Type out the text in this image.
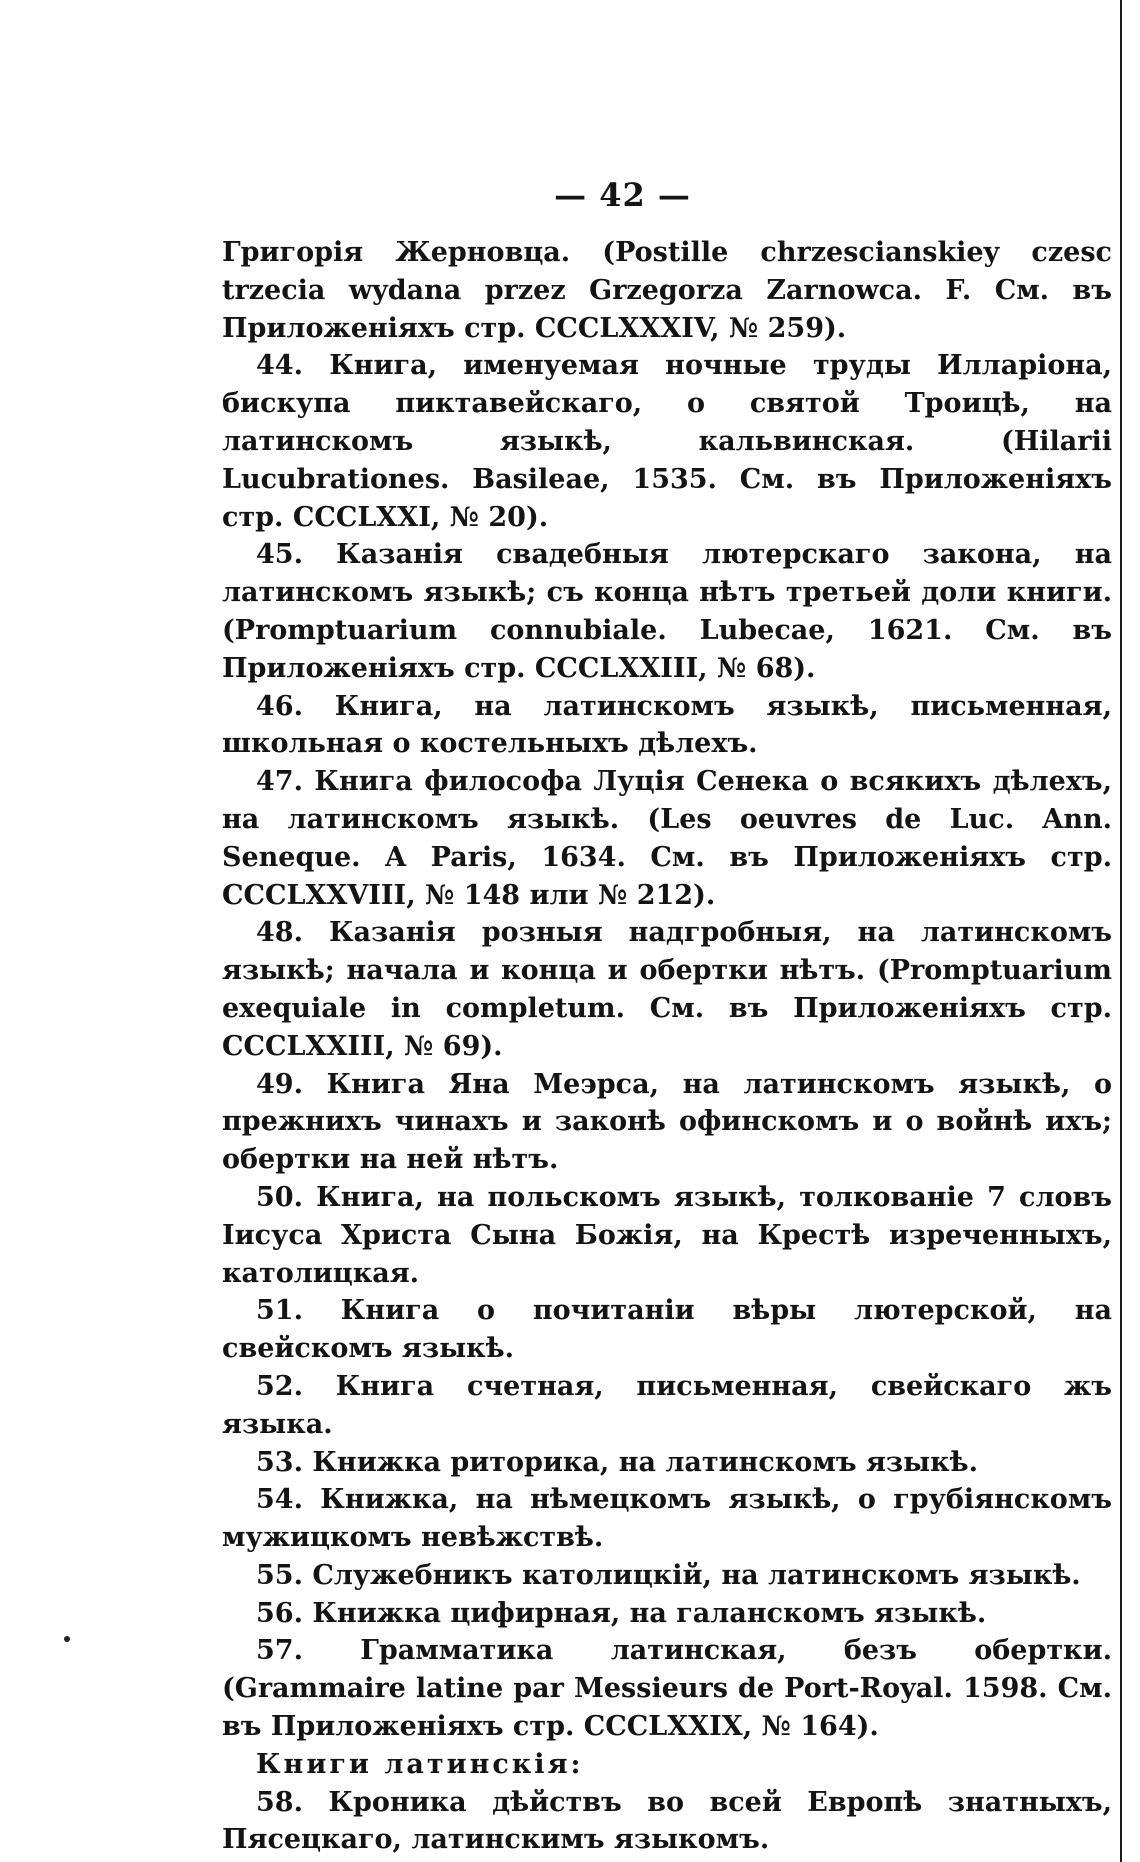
— 42 —

Григорія Жерновца. (Postille chrzescianskiey czesc trzecia wydana przez Grzegorza Zarnowca. F. См. въ Приложеніяхъ стр. CCCLXXXIV, № 259).

44. Книга, именуемая ночные труды Илларіона, бискупа пиктавейскаго, о святой Троицѣ, на латинскомъ языкѣ, кальвинская. (Hilarii Lucubrationes. Basileae, 1535. См. въ Приложеніяхъ стр. CCCLXXI, № 20).

45. Казанія свадебныя лютерскаго закона, на латинскомъ языкѣ; съ конца нѣтъ третьей доли книги. (Promptuarium connubiale. Lubecae, 1621. См. въ Приложеніяхъ стр. CCCLXXIII, № 68).

46. Книга, на латинскомъ языкѣ, письменная, школьная о костельныхъ дѣлехъ.

47. Книга философа Луція Сенека о всякихъ дѣлехъ, на латинскомъ языкѣ. (Les oeuvres de Luc. Ann. Seneque. A Paris, 1634. См. въ Приложеніяхъ стр. CCCLXXVIII, № 148 или № 212).

48. Казанія розныя надгробныя, на латинскомъ языкѣ; начала и конца и обертки нѣтъ. (Promptuarium exequiale in completum. См. въ Приложеніяхъ стр. CCCLXXIII, № 69).

49. Книга Яна Меэрса, на латинскомъ языкѣ, о прежнихъ чинахъ и законѣ офинскомъ и о войнѣ ихъ; обертки на ней нѣтъ.

50. Книга, на польскомъ языкѣ, толкованіе 7 словъ Іисуса Христа Сына Божія, на Крестѣ изреченныхъ, католицкая.

51. Книга о почитаніи вѣры лютерской, на свейскомъ языкѣ.

52. Книга счетная, письменная, свейскаго жъ языка.

53. Книжка риторика, на латинскомъ языкѣ.

54. Книжка, на нѣмецкомъ языкѣ, о грубіянскомъ мужицкомъ невѣжствѣ.

55. Служебникъ католицкій, на латинскомъ языкѣ.

56. Книжка цифирная, на галанскомъ языкѣ.

57. Грамматика латинская, безъ обертки. (Grammaire latine par Messieurs de Port-Royal. 1598. См. въ Приложеніяхъ стр. CCCLXXIX, № 164).

Книги латинскія:

58. Кроника дѣйствъ во всей Европѣ знатныхъ, Пясецкаго, латинскимъ языкомъ.
